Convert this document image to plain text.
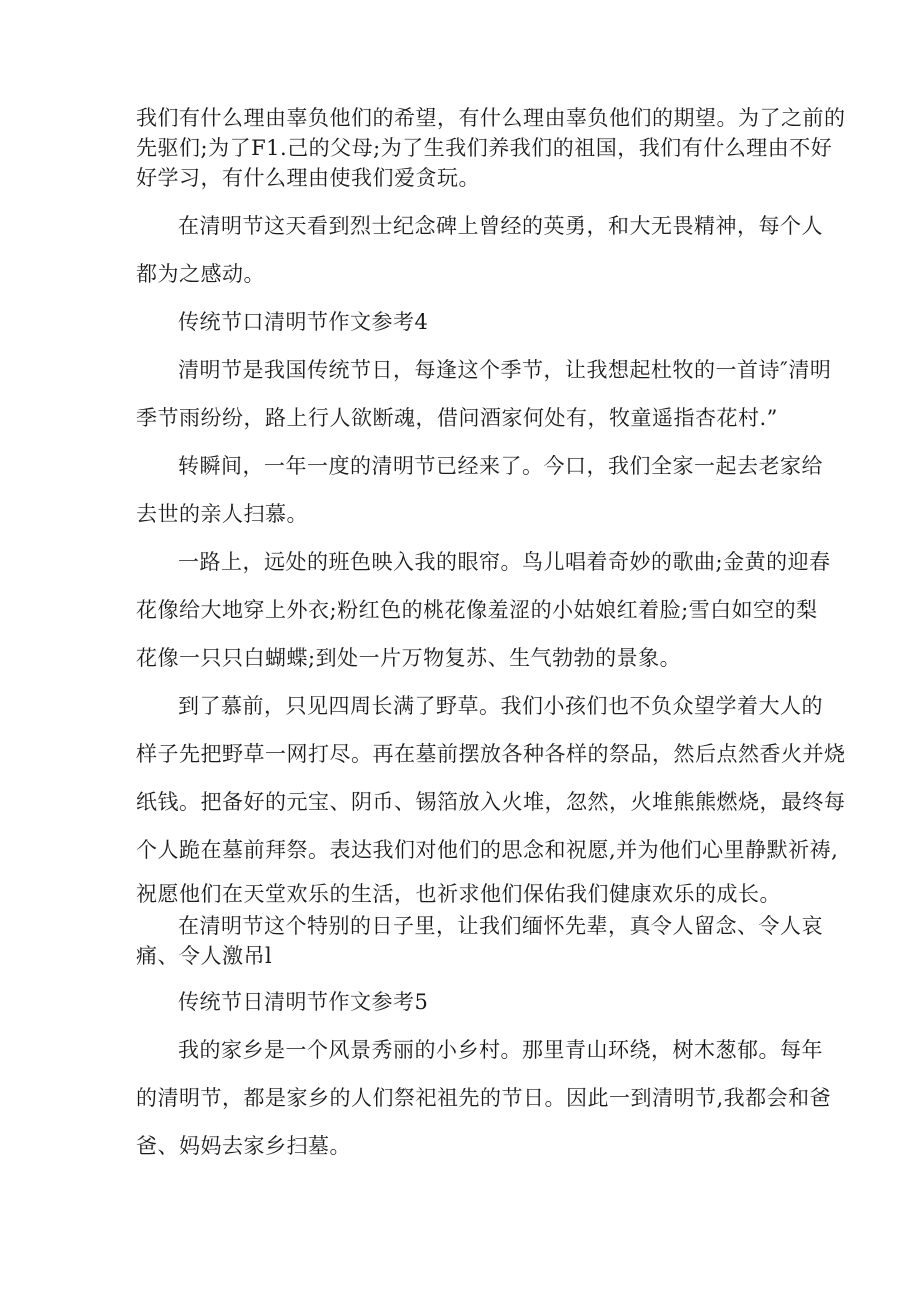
我们有什么理由辜负他们的希望，有什么理由辜负他们的期望。为了之前的
先驱们;为了F1.己的父母;为了生我们养我们的祖国，我们有什么理由不好
好学习，有什么理由使我们爱贪玩。
在清明节这天看到烈士纪念碑上曾经的英勇，和大无畏精神，每个人
都为之感动。
传统节口清明节作文参考4
清明节是我国传统节日，每逢这个季节，让我想起杜牧的一首诗″清明
季节雨纷纷，路上行人欲断魂，借问酒家何处有，牧童遥指杏花村.”
转瞬间，一年一度的清明节已经来了。今口，我们全家一起去老家给
去世的亲人扫慕。
一路上，远处的班色映入我的眼帘。鸟儿唱着奇妙的歌曲;金黄的迎春
花像给大地穿上外衣;粉红色的桃花像羞涩的小姑娘红着脸;雪白如空的梨
花像一只只白蝴蝶;到处一片万物复苏、生气勃勃的景象。
到了慕前，只见四周长满了野草。我们小孩们也不负众望学着大人的
样子先把野草一网打尽。再在墓前摆放各种各样的祭品，然后点然香火并烧
纸钱。把备好的元宝、阴币、锡箔放入火堆，忽然，火堆熊熊燃烧，最终每
个人跪在墓前拜祭。表达我们对他们的思念和祝愿,并为他们心里静默祈祷,
祝愿他们在天堂欢乐的生活，也祈求他们保佑我们健康欢乐的成长。
在清明节这个特别的日子里，让我们缅怀先辈，真令人留念、令人哀
痛、令人激吊l
传统节日清明节作文参考5
我的家乡是一个风景秀丽的小乡村。那里青山环绕，树木葱郁。每年
的清明节，都是家乡的人们祭祀祖先的节日。因此一到清明节,我都会和爸
爸、妈妈去家乡扫墓。
